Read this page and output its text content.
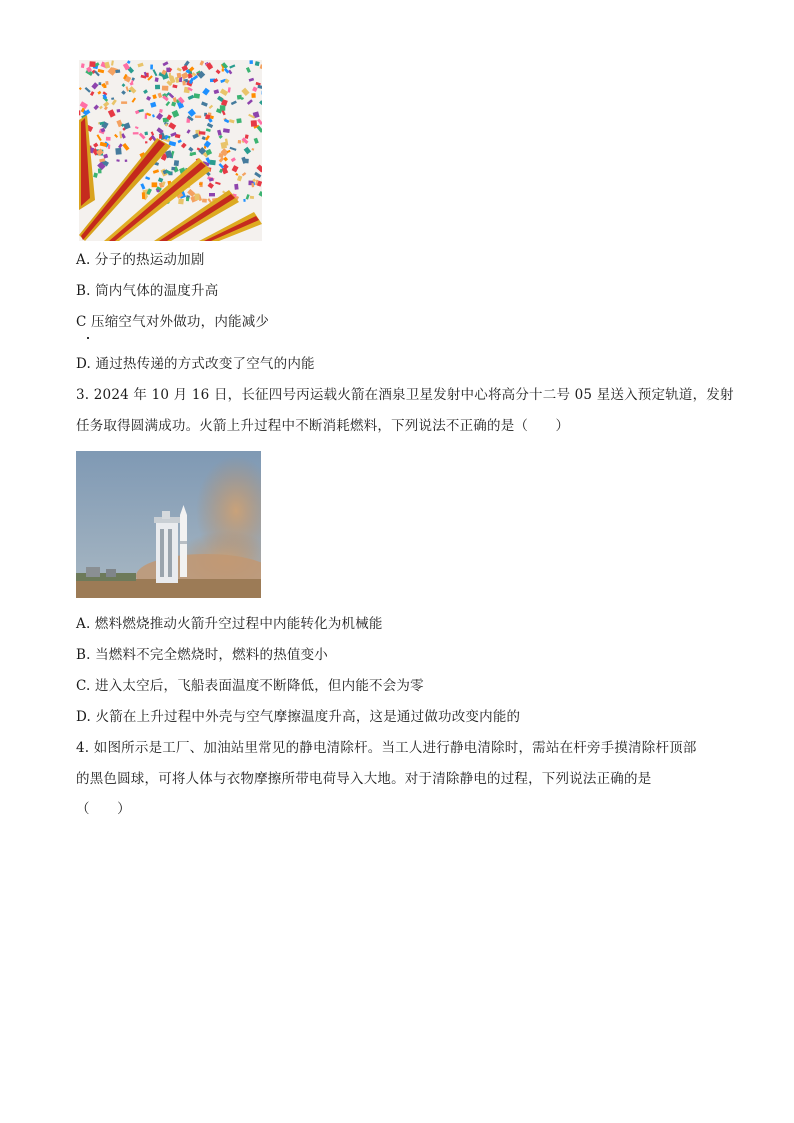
A. 分子的热运动加剧
B. 筒内气体的温度升高
C 压缩空气对外做功，内能减少
D. 通过热传递的方式改变了空气的内能
3. 2024 年 10 月 16 日，长征四号丙运载火箭在酒泉卫星发射中心将高分十二号 05 星送入预定轨道，发射
任务取得圆满成功。火箭上升过程中不断消耗燃料，下列说法不正确的是（　　）
A. 燃料燃烧推动火箭升空过程中内能转化为机械能
B. 当燃料不完全燃烧时，燃料的热值变小
C. 进入太空后，飞船表面温度不断降低，但内能不会为零
D. 火箭在上升过程中外壳与空气摩擦温度升高，这是通过做功改变内能的
4. 如图所示是工厂、加油站里常见的静电清除杆。当工人进行静电清除时，需站在杆旁手摸清除杆顶部
的黑色圆球，可将人体与衣物摩擦所带电荷导入大地。对于清除静电的过程，下列说法正确的是
（　　）
